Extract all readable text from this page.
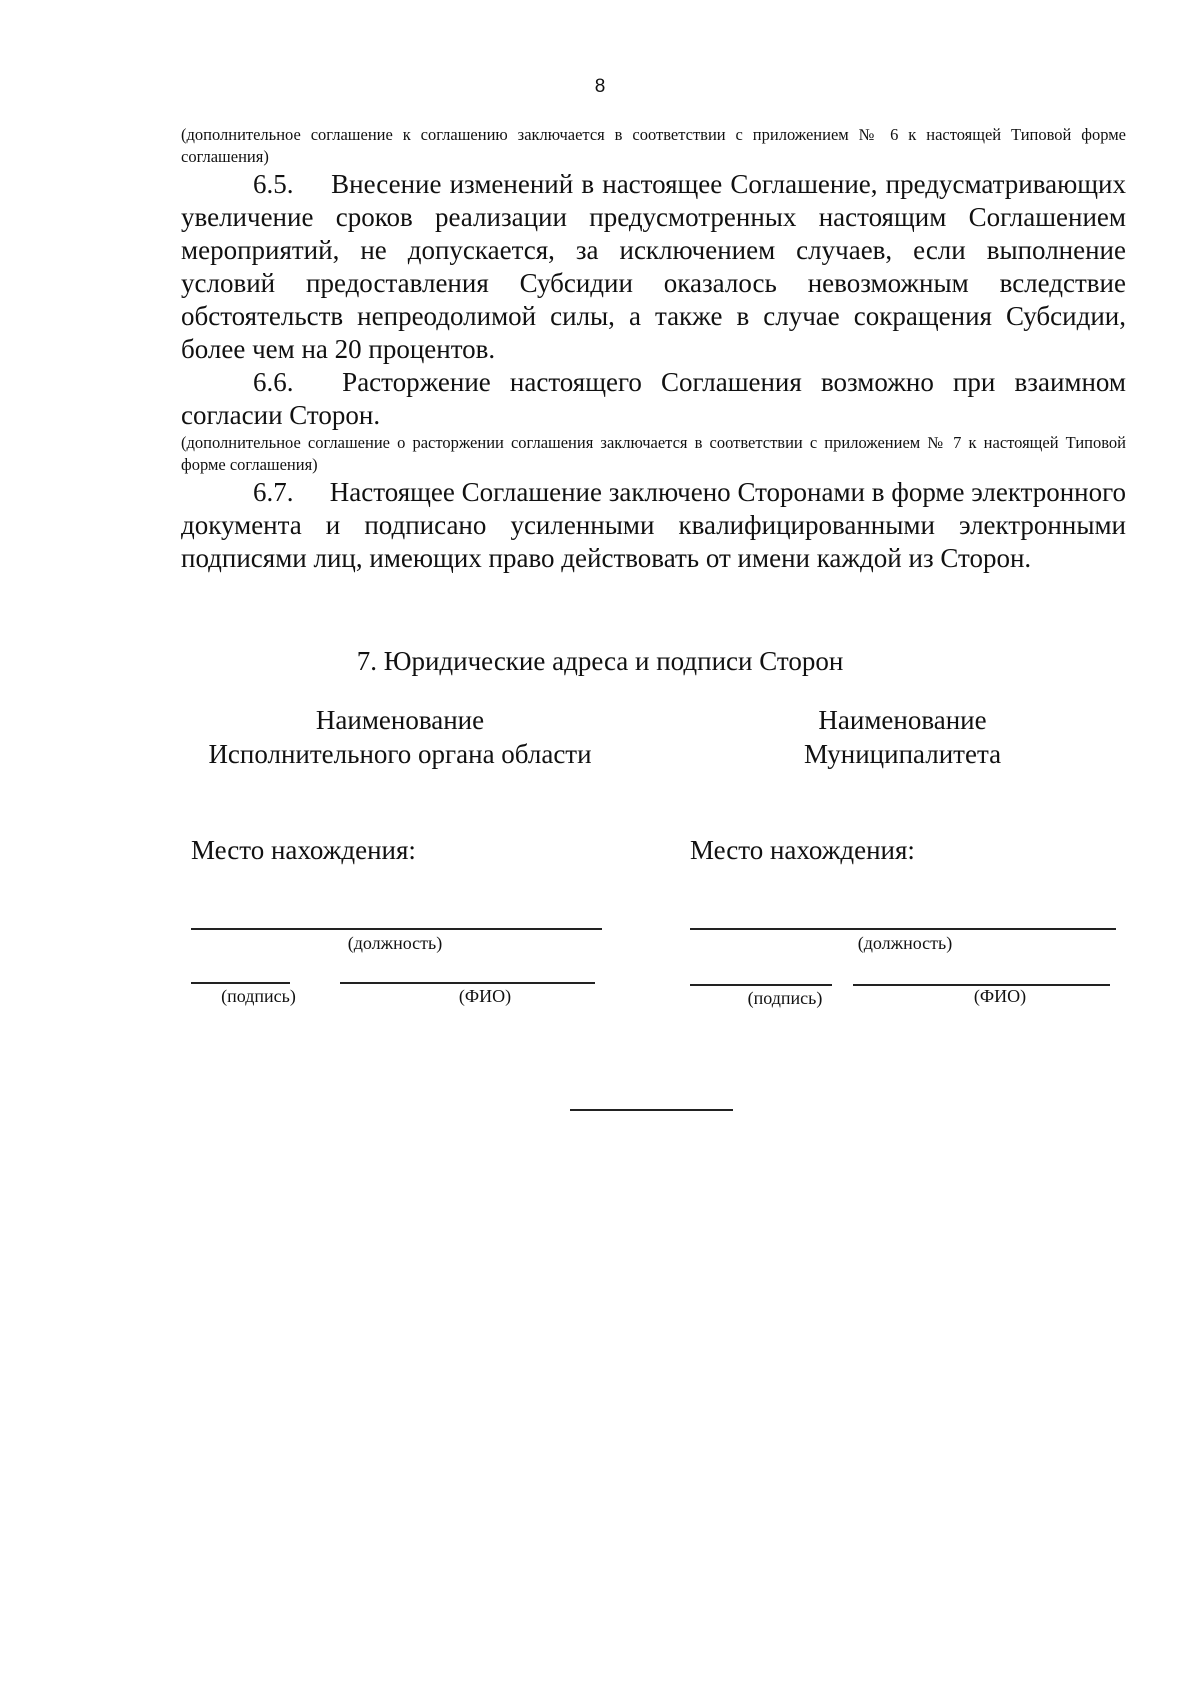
8

(дополнительное соглашение к соглашению заключается в соответствии с приложением № 6 к настоящей Типовой форме соглашения)

6.5. Внесение изменений в настоящее Соглашение, предусматривающих увеличение сроков реализации предусмотренных настоящим Соглашением мероприятий, не допускается, за исключением случаев, если выполнение условий предоставления Субсидии оказалось невозможным вследствие обстоятельств непреодолимой силы, а также в случае сокращения Субсидии, более чем на 20 процентов.

6.6. Расторжение настоящего Соглашения возможно при взаимном согласии Сторон.

(дополнительное соглашение о расторжении соглашения заключается в соответствии с приложением № 7 к настоящей Типовой форме соглашения)

6.7. Настоящее Соглашение заключено Сторонами в форме электронного документа и подписано усиленными квалифицированными электронными подписями лиц, имеющих право действовать от имени каждой из Сторон.

7. Юридические адреса и подписи Сторон
Наименование
Исполнительного органа области
Место нахождения:
(должность)
(подпись)	(ФИО)
Наименование
Муниципалитета
Место нахождения:
(должность)
(подпись)	(ФИО)
